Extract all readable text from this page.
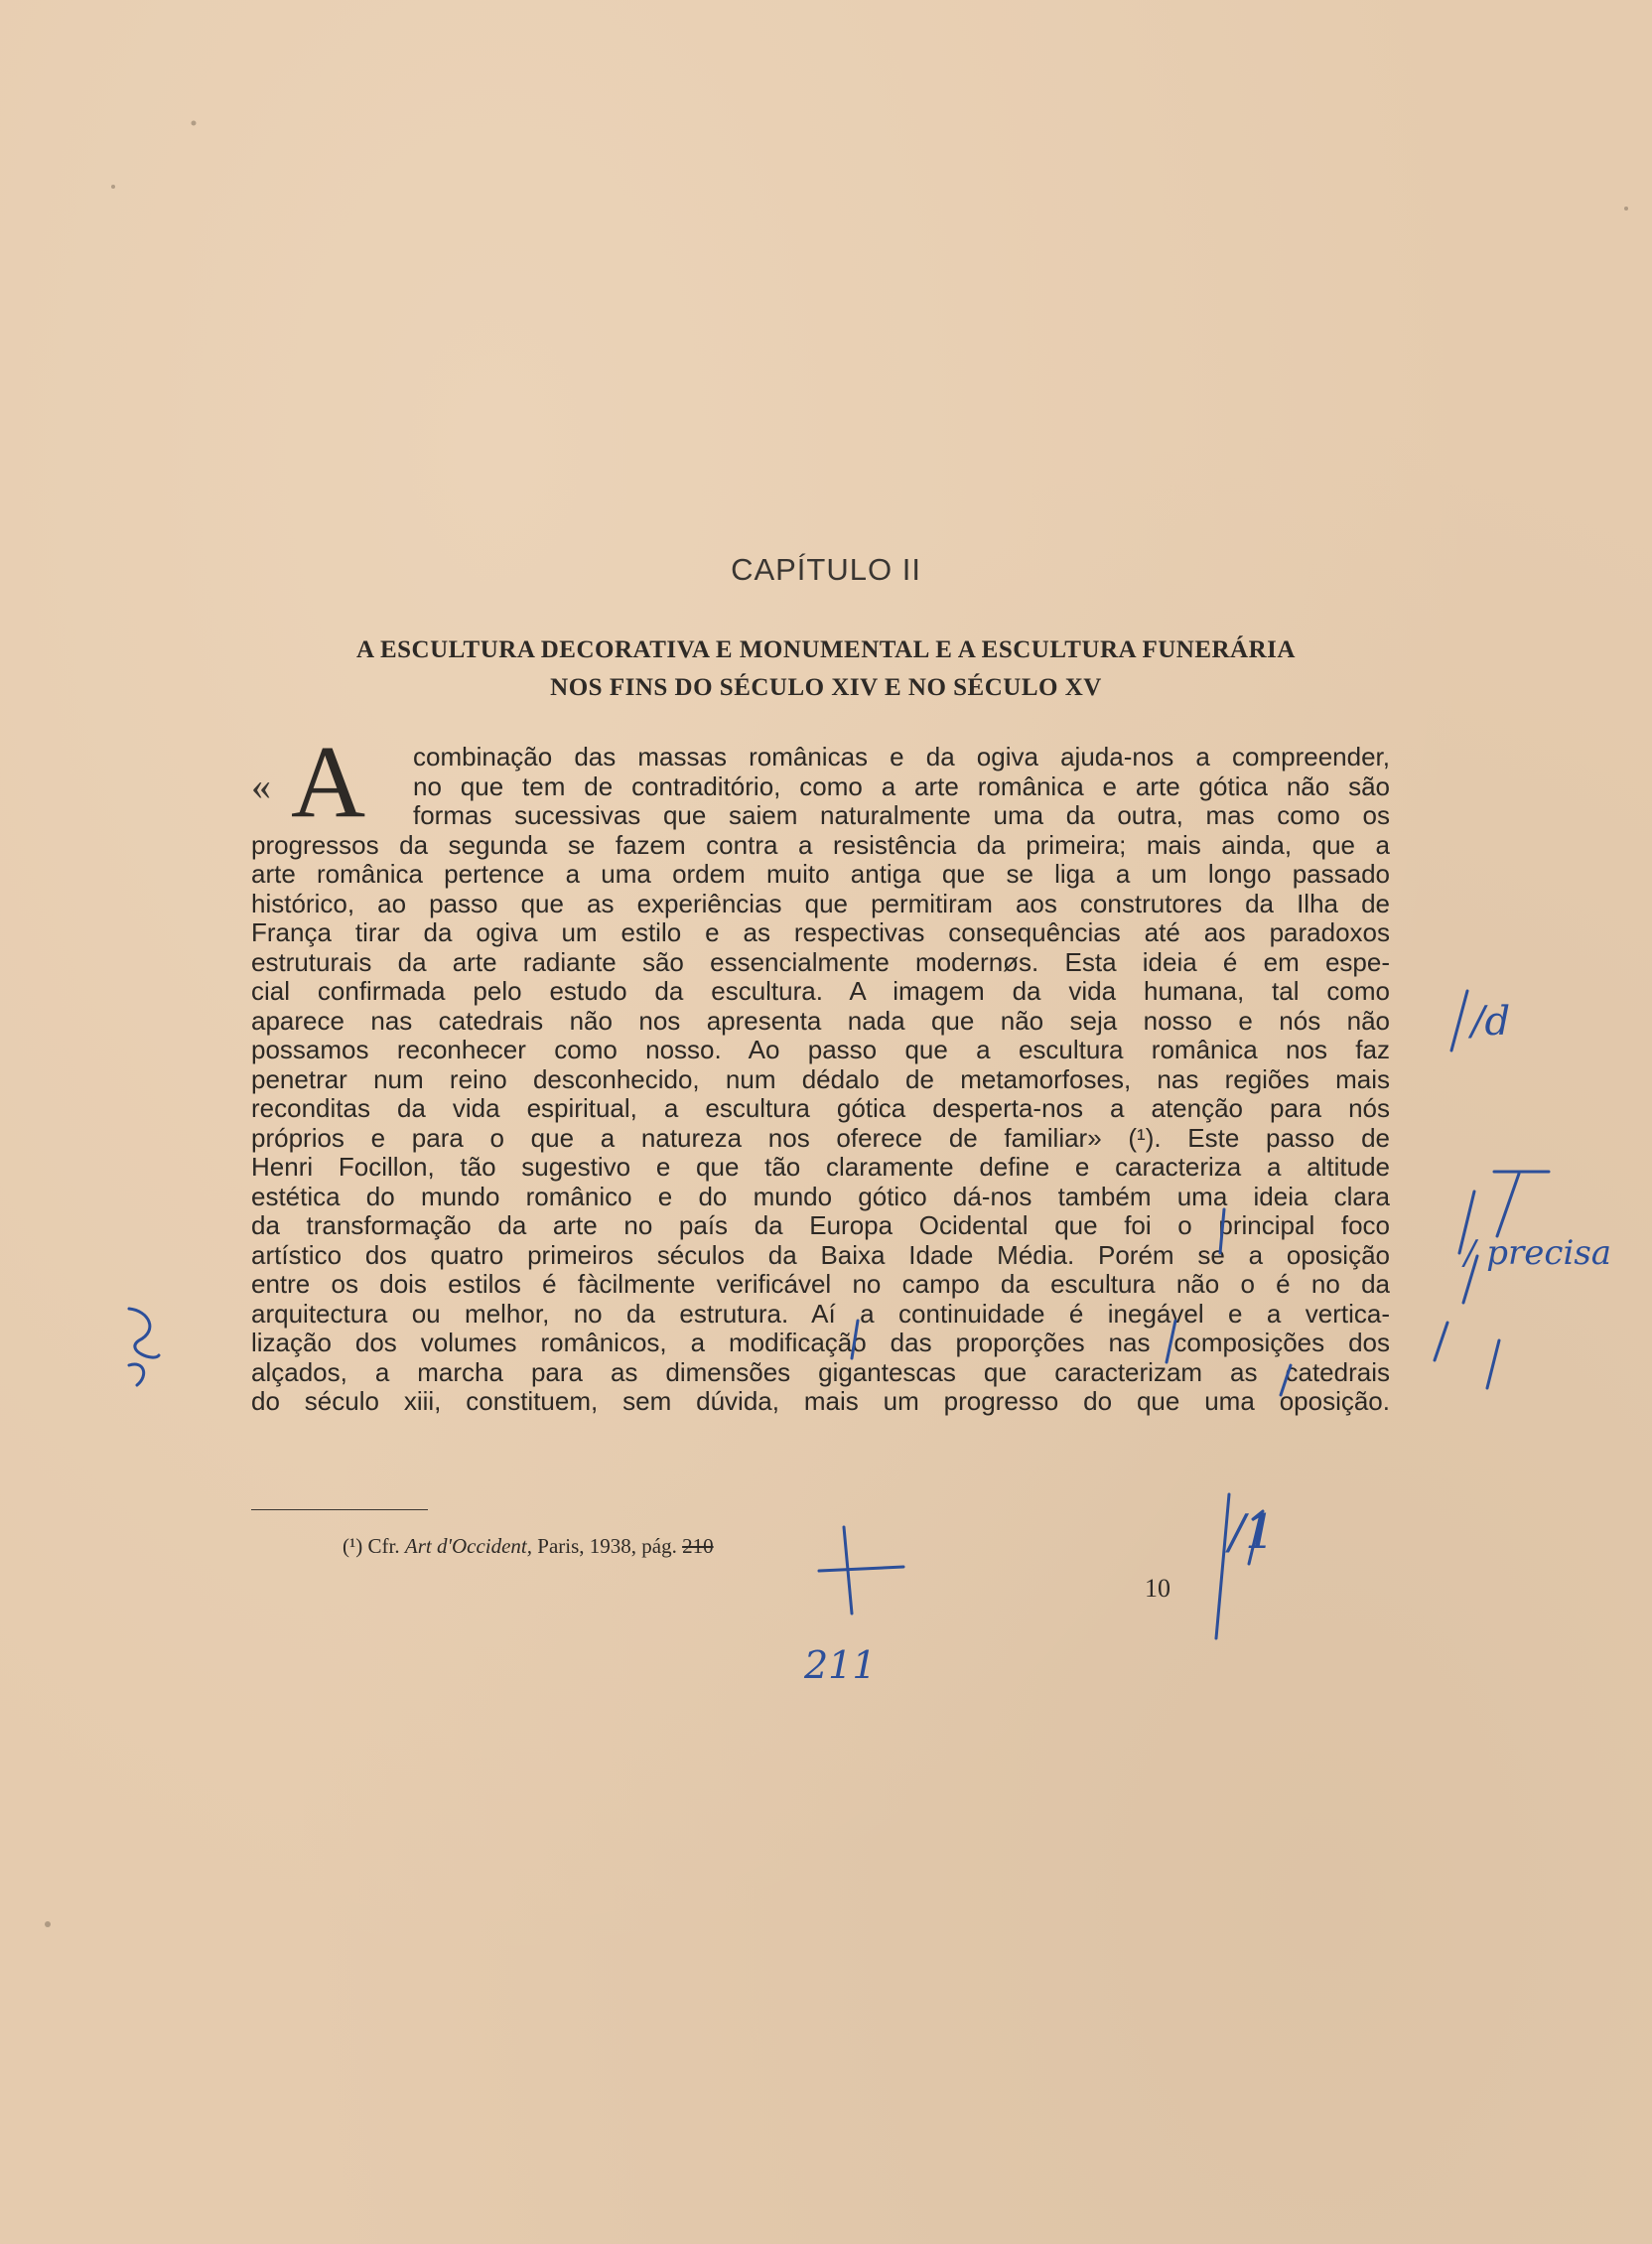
CAPÍTULO II
A ESCULTURA DECORATIVA E MONUMENTAL E A ESCULTURA FUNERÁRIA
NOS FINS DO SÉCULO XIV E NO SÉCULO XV
« A combinação das massas românicas e da ogiva ajuda-nos a compreender,
no que tem de contraditório, como a arte românica e arte gótica não são
formas sucessivas que saiem naturalmente uma da outra, mas como os
progressos da segunda se fazem contra a resistência da primeira; mais ainda, que a
arte românica pertence a uma ordem muito antiga que se liga a um longo passado
histórico, ao passo que as experiências que permitiram aos construtores da Ilha de
França tirar da ogiva um estilo e as respectivas consequências até aos paradoxos
estruturais da arte radiante são essencialmente modernøs. Esta ideia é em espe-
cial confirmada pelo estudo da escultura. A imagem da vida humana, tal como
aparece nas catedrais não nos apresenta nada que não seja nosso e nós não
possamos reconhecer como nosso. Ao passo que a escultura românica nos faz
penetrar num reino desconhecido, num dédalo de metamorfoses, nas regiões mais
reconditas da vida espiritual, a escultura gótica desperta-nos a atenção para nós
próprios e para o que a natureza nos oferece de familiar» (¹). Este passo de
Henri Focillon, tão sugestivo e que tão claramente define e caracteriza a altitude
estética do mundo românico e do mundo gótico dá-nos também uma ideia clara
da transformação da arte no país da Europa Ocidental que foi o principal foco
artístico dos quatro primeiros séculos da Baixa Idade Média. Porém se a oposição
entre os dois estilos é fàcilmente verificável no campo da escultura não o é no da
arquitectura ou melhor, no da estrutura. Aí a continuidade é inegável e a vertica-
lização dos volumes românicos, a modificação das proporções nas composições dos
alçados, a marcha para as dimensões gigantescas que caracterizam as catedrais
do século xiii, constituem, sem dúvida, mais um progresso do que uma oposição.
(¹) Cfr. Art d'Occident, Paris, 1938, pág. 210
10
/d
/ precisa
211
/1
